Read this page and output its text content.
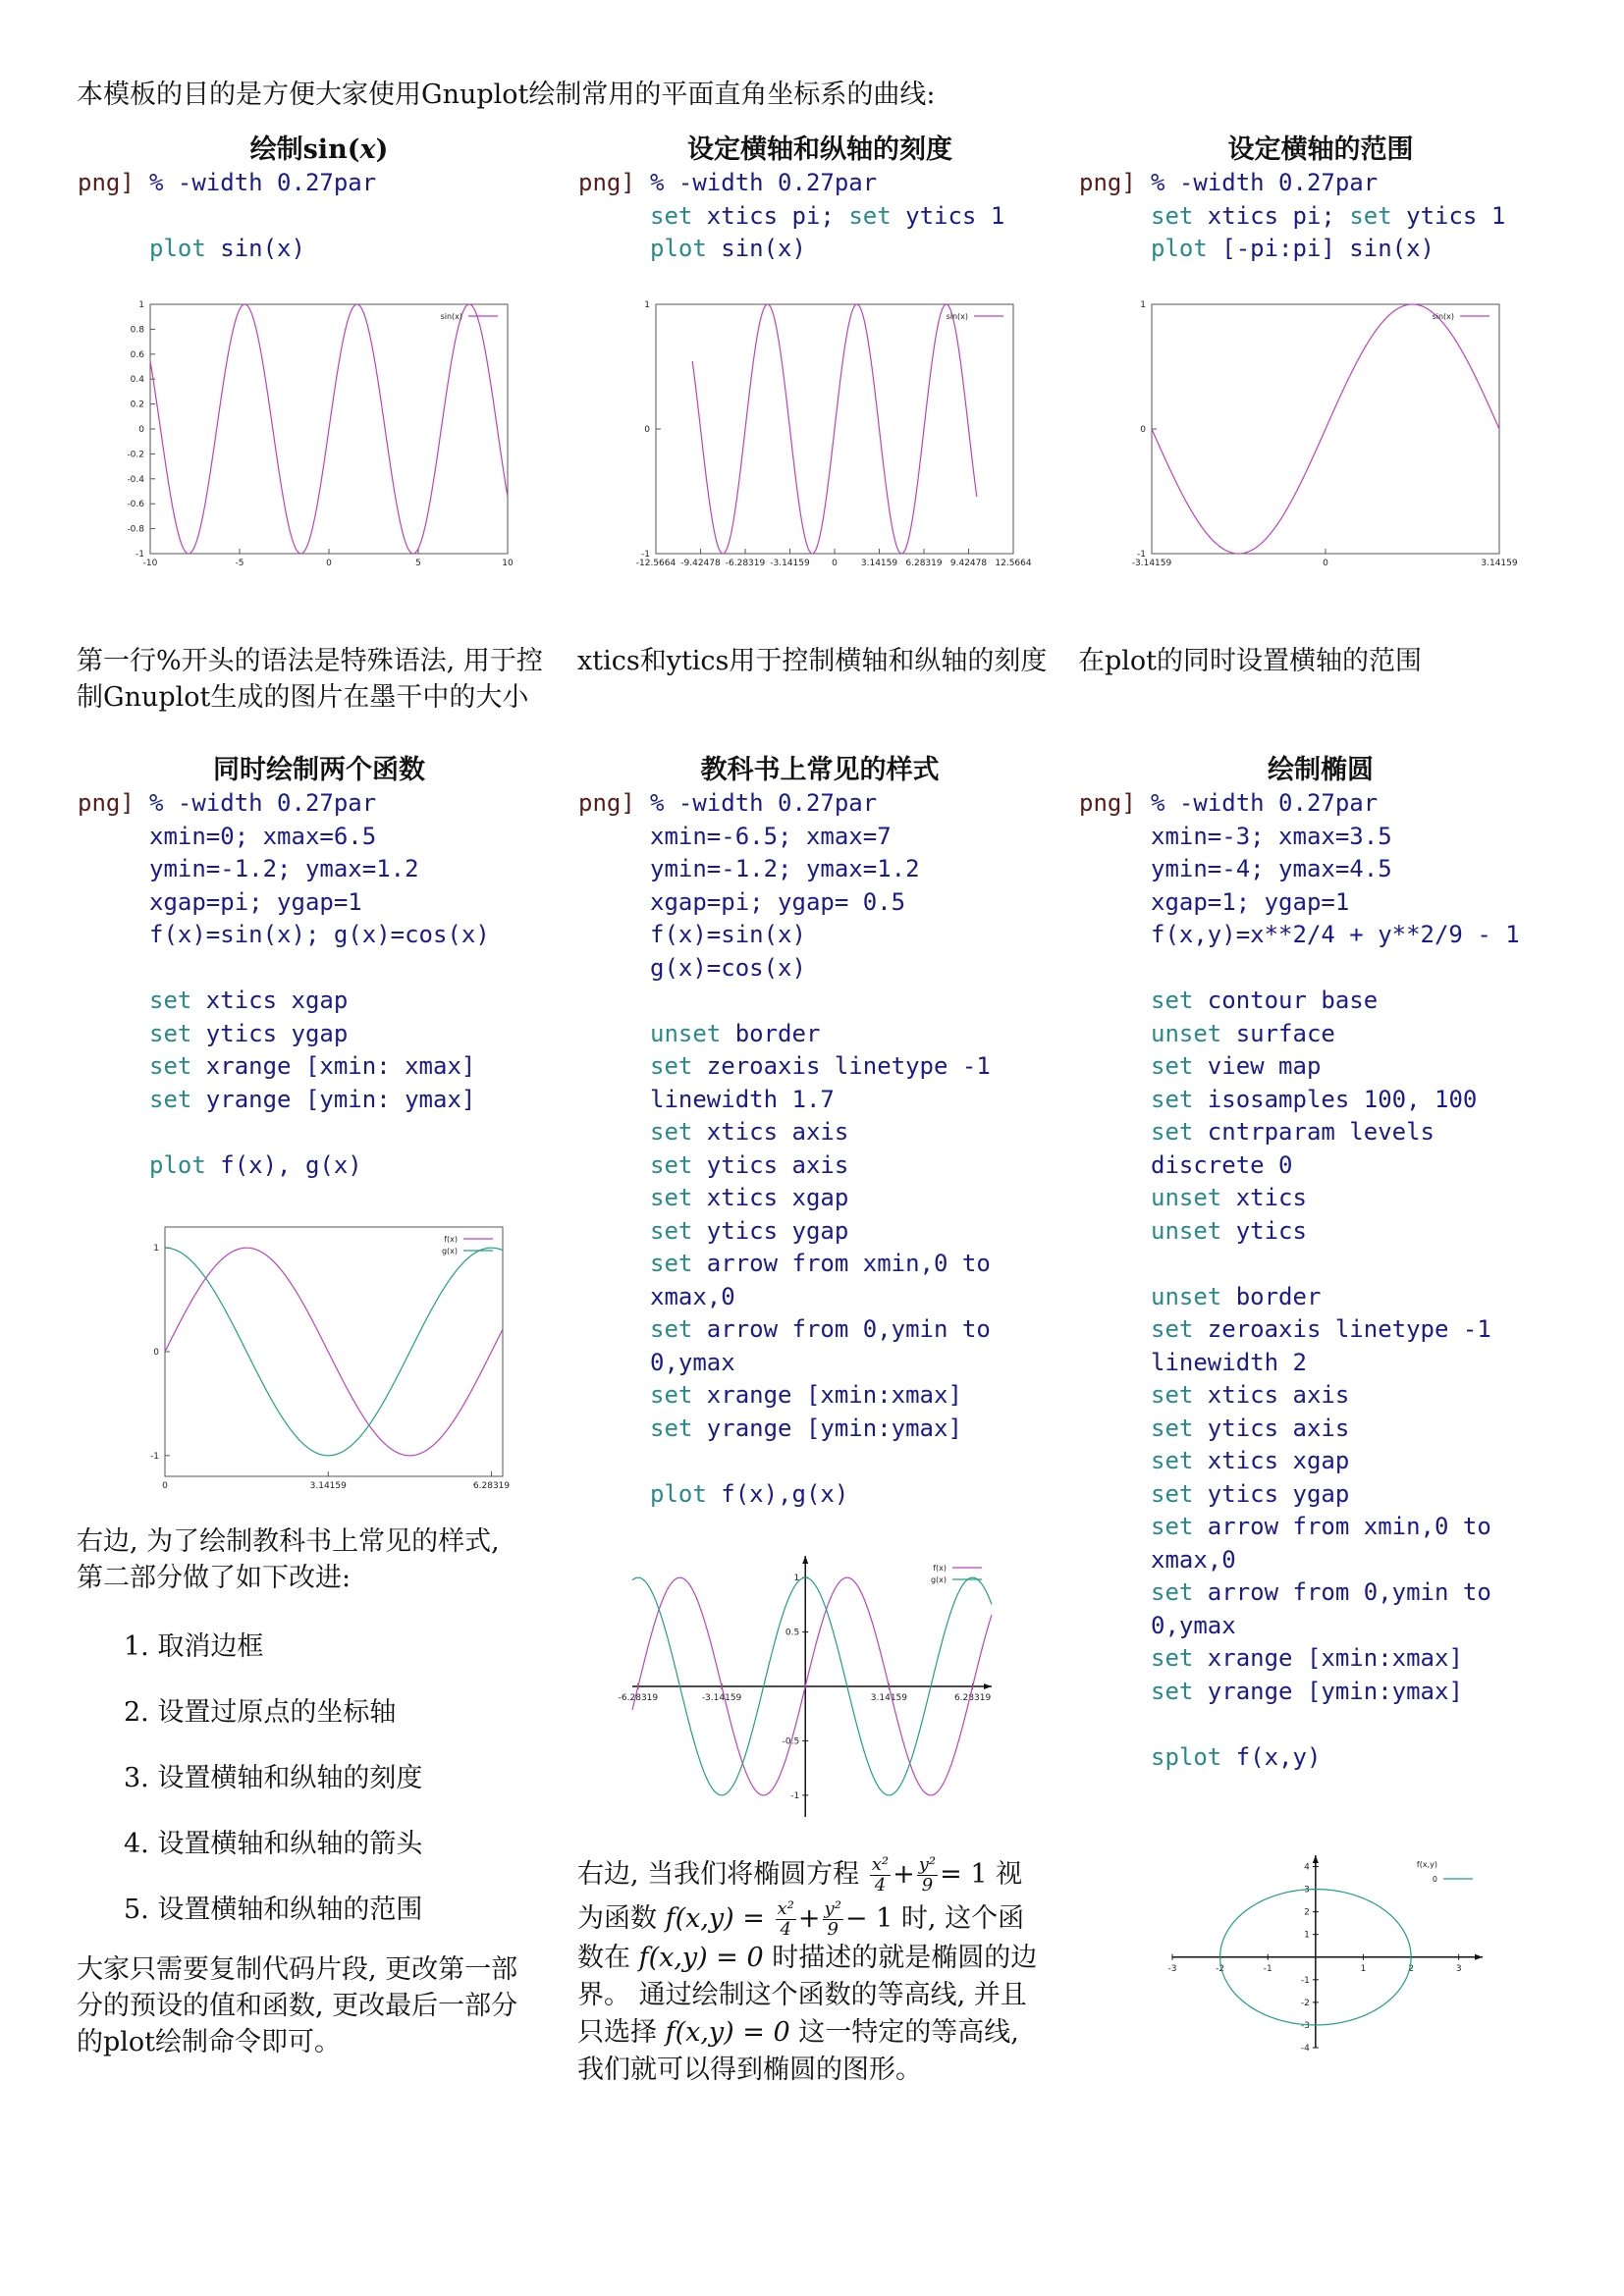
本模板的目的是方便大家使用Gnuplot绘制常用的平面直角坐标系的曲线:
绘制sin(x)	设定横轴和纵轴的刻度	设定横轴的范围
png] % -width 0.27par
plot sin(x)
png] % -width 0.27par
set xtics pi; set ytics 1
plot sin(x)
png] % -width 0.27par
set xtics pi; set ytics 1
plot [-pi:pi] sin(x)
-10	-5	0	5	10
-1
-0.8
-0.6
-0.4
-0.2
0
0.2
0.4
0.6
0.8
1
sin(x)
-12.5664 -9.42478 -6.28319 -3.14159 0	3.14159 6.28319 9.42478 12.5664
-1
0
1
sin(x)
-3.14159	0	3.14159
-1
0
1
sin(x)
第一行%开头的语法是特殊语法, 用于控
制Gnuplot生成的图片在墨干中的大小
xtics和ytics用于控制横轴和纵轴的刻度	在plot的同时设置横轴的范围
同时绘制两个函数	教科书上常见的样式	绘制椭圆
png] % -width 0.27par
xmin=0; xmax=6.5
ymin=-1.2; ymax=1.2
xgap=pi; ygap=1
f(x)=sin(x); g(x)=cos(x)
set xtics xgap
set ytics ygap
set xrange [xmin: xmax]
set yrange [ymin: ymax]
plot f(x), g(x)
png] % -width 0.27par
xmin=-6.5; xmax=7
ymin=-1.2; ymax=1.2
xgap=pi; ygap= 0.5
f(x)=sin(x)
g(x)=cos(x)
unset border
set zeroaxis linetype -1
linewidth 1.7
set xtics axis
set ytics axis
set xtics xgap
set ytics ygap
set arrow from xmin,0 to
xmax,0
set arrow from 0,ymin to
0,ymax
set xrange [xmin:xmax]
set yrange [ymin:ymax]
plot f(x),g(x)
png] % -width 0.27par
xmin=-3; xmax=3.5
ymin=-4; ymax=4.5
xgap=1; ygap=1
f(x,y)=x**2/4 + y**2/9 - 1
set contour base
unset surface
set view map
set isosamples 100, 100
set cntrparam levels
discrete 0
unset xtics
unset ytics
unset border
set zeroaxis linetype -1
linewidth 2
set xtics axis
set ytics axis
set xtics xgap
set ytics ygap
set arrow from xmin,0 to
xmax,0
set arrow from 0,ymin to
0,ymax
set xrange [xmin:xmax]
set yrange [ymin:ymax]
splot f(x,y)
0	3.14159	6.28319
-1
0
1
f(x)
g(x)
-6.28319	-3.14159	3.14159	6.28319
-1
-0.5
0.5
1
f(x)
g(x)
-3	-2	-1	1	2	3
-4
-3
-2
-1
1
2
3
4
0
f(x,y)
右边, 为了绘制教科书上常见的样式,
第二部分做了如下改进:
1. 取消边框
2. 设置过原点的坐标轴
3. 设置横轴和纵轴的刻度
4. 设置横轴和纵轴的箭头
5. 设置横轴和纵轴的范围
大家只需要复制代码片段, 更改第一部
分的预设的值和函数, 更改最后一部分
的plot绘制命令即可。
右边, 当我们将椭圆方程 $\frac{\text{x²}}{4} + \frac{\text{y²}}{9} = 1$ 视
为函数 $f(x,y) = \frac{\text{x²}}{4} + \frac{\text{y²}}{9} - 1$ 时, 这个函
数在 f(x,y) = 0 时描述的就是椭圆的边
界。 通过绘制这个函数的等高线, 并且
只选择 f(x,y) = 0 这一特定的等高线,
我们就可以得到椭圆的图形。
